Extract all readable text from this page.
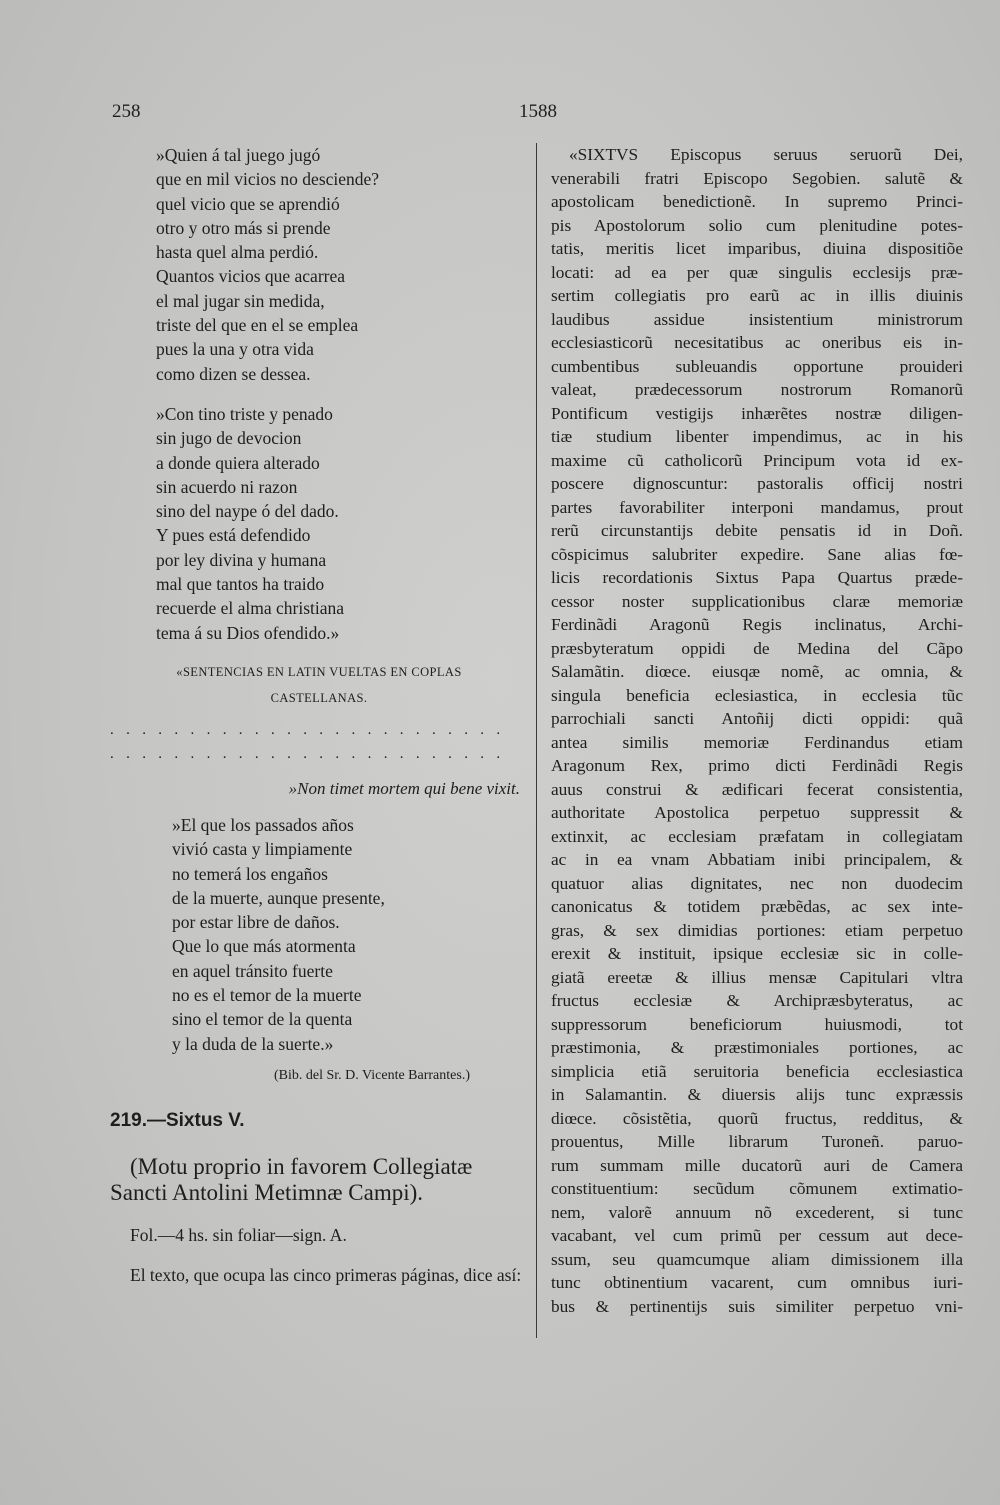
258	1588
»Quien á tal juego jugó
que en mil vicios no desciende?
quel vicio que se aprendió
otro y otro más si prende
hasta quel alma perdió.
Quantos vicios que acarrea
el mal jugar sin medida,
triste del que en el se emplea
pues la una y otra vida
como dizen se dessea.
»Con tino triste y penado
sin jugo de devocion
a donde quiera alterado
sin acuerdo ni razon
sino del naype ó del dado.
Y pues está defendido
por ley divina y humana
mal que tantos ha traido
recuerde el alma christiana
tema á su Dios ofendido.»
«SENTENCIAS EN LATIN VUELTAS EN COPLAS
CASTELLANAS.
. . . . . . . . . . . . . . . . . . . . . . . . .
. . . . . . . . . . . . . . . . . . . . . . . . .
»Non timet mortem qui bene vixit.
»El que los passados años
vivió casta y limpiamente
no temerá los engaños
de la muerte, aunque presente,
por estar libre de daños.
Que lo que más atormenta
en aquel tránsito fuerte
no es el temor de la muerte
sino el temor de la quenta
y la duda de la suerte.»
(Bib. del Sr. D. Vicente Barrantes.)
219.—Sixtus V.
(Motu proprio in favorem Collegiatæ
Sancti Antolini Metimnæ Campi).
Fol.—4 hs. sin foliar—sign. A.
El texto, que ocupa las cinco primeras páginas, dice así:
«SIXTVS Episcopus seruus seruorũ Dei,
venerabili fratri Episcopo Segobien. salutẽ &
apostolicam benedictionẽ. In supremo Princi-
pis Apostolorum solio cum plenitudine potes-
tatis, meritis licet imparibus, diuina dispositiõe
locati: ad ea per quæ singulis ecclesijs præ-
sertim collegiatis pro earũ ac in illis diuinis
laudibus assidue insistentium ministrorum
ecclesiasticorũ necesitatibus ac oneribus eis in-
cumbentibus subleuandis opportune prouideri
valeat, prædecessorum nostrorum Romanorũ
Pontificum vestigijs inhærẽtes nostræ diligen-
tiæ studium libenter impendimus, ac in his
maxime cũ catholicorũ Principum vota id ex-
poscere dignoscuntur: pastoralis officij nostri
partes favorabiliter interponi mandamus, prout
rerũ circunstantijs debite pensatis id in Doñ.
cõspicimus salubriter expedire. Sane alias fœ-
licis recordationis Sixtus Papa Quartus præde-
cessor noster supplicationibus claræ memoriæ
Ferdinãdi Aragonũ Regis inclinatus, Archi-
præsbyteratum oppidi de Medina del Cãpo
Salamãtin. diœce. eiusqæ nomẽ, ac omnia, &
singula beneficia eclesiastica, in ecclesia tũc
parrochiali sancti Antoñij dicti oppidi: quã
antea similis memoriæ Ferdinandus etiam
Aragonum Rex, primo dicti Ferdinãdi Regis
auus construi & ædificari fecerat consistentia,
authoritate Apostolica perpetuo suppressit &
extinxit, ac ecclesiam præfatam in collegiatam
ac in ea vnam Abbatiam inibi principalem, &
quatuor alias dignitates, nec non duodecim
canonicatus & totidem præbẽdas, ac sex inte-
gras, & sex dimidias portiones: etiam perpetuo
erexit & instituit, ipsique ecclesiæ sic in colle-
giatã ereetæ & illius mensæ Capitulari vltra
fructus ecclesiæ & Archipræsbyteratus, ac
suppressorum beneficiorum huiusmodi, tot
præstimonia, & præstimoniales portiones, ac
simplicia etiã seruitoria beneficia ecclesiastica
in Salamantin. & diuersis alijs tunc expræssis
diœce. cõsistẽtia, quorũ fructus, redditus, &
prouentus, Mille librarum Turoneñ. paruo-
rum summam mille ducatorũ auri de Camera
constituentium: secũdum cõmunem extimatio-
nem, valorẽ annuum nõ excederent, si tunc
vacabant, vel cum primũ per cessum aut dece-
ssum, seu quamcumque aliam dimissionem illa
tunc obtinentium vacarent, cum omnibus iuri-
bus & pertinentijs suis similiter perpetuo vni-
